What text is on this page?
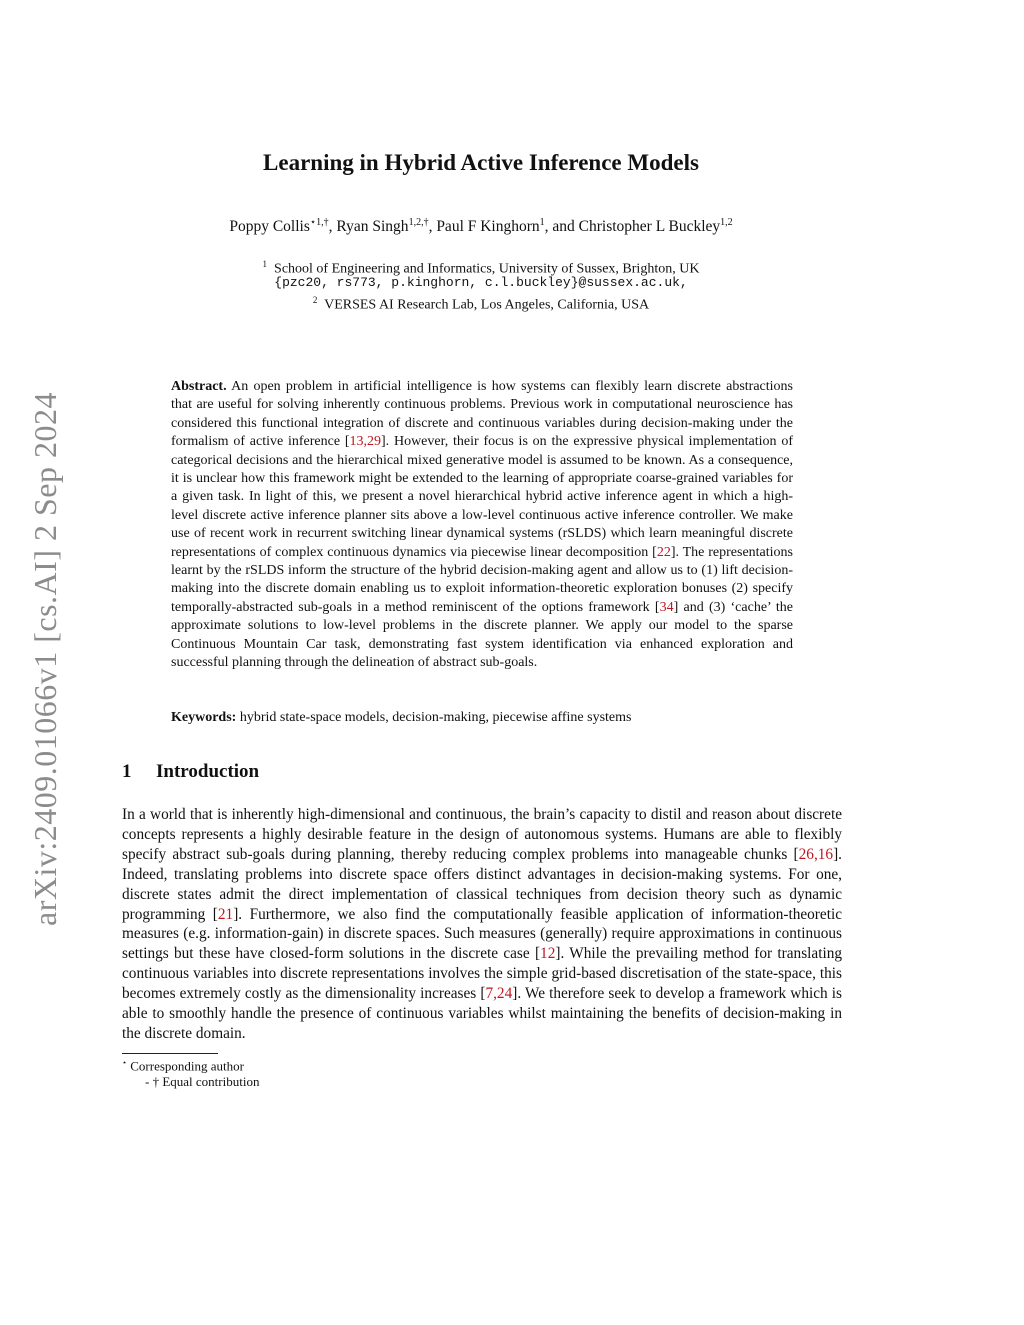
arXiv:2409.01066v1 [cs.AI] 2 Sep 2024
Learning in Hybrid Active Inference Models
Poppy Collis$^{⋆1,\dagger}$, Ryan Singh$^{1,2,\dagger}$, Paul F Kinghorn$^1$, and Christopher L Buckley$^{1,2}$
$^1$ School of Engineering and Informatics, University of Sussex, Brighton, UK
{pzc20, rs773, p.kinghorn, c.l.buckley}@sussex.ac.uk,
$^2$ VERSES AI Research Lab, Los Angeles, California, USA
Abstract. An open problem in artificial intelligence is how systems can flexibly learn discrete abstractions that are useful for solving inherently continuous problems. Previous work in computational neuroscience has considered this functional integration of discrete and continuous variables during decision-making under the formalism of active inference [13,29]. However, their focus is on the expressive physical implementation of categorical decisions and the hierarchical mixed generative model is assumed to be known. As a consequence, it is unclear how this framework might be extended to the learning of appropriate coarse-grained variables for a given task. In light of this, we present a novel hierarchical hybrid active inference agent in which a high-level discrete active inference planner sits above a low-level continuous active inference controller. We make use of recent work in recurrent switching linear dynamical systems (rSLDS) which learn meaningful discrete representations of complex continuous dynamics via piecewise linear decomposition [22]. The representations learnt by the rSLDS inform the structure of the hybrid decision-making agent and allow us to (1) lift decision-making into the discrete domain enabling us to exploit information-theoretic exploration bonuses (2) specify temporally-abstracted sub-goals in a method reminiscent of the options framework [34] and (3) ‘cache’ the approximate solutions to low-level problems in the discrete planner. We apply our model to the sparse Continuous Mountain Car task, demonstrating fast system identification via enhanced exploration and successful planning through the delineation of abstract sub-goals.
Keywords: hybrid state-space models, decision-making, piecewise affine systems
1 Introduction
In a world that is inherently high-dimensional and continuous, the brain’s capacity to distil and reason about discrete concepts represents a highly desirable feature in the design of autonomous systems. Humans are able to flexibly specify abstract sub-goals during planning, thereby reducing complex problems into manageable chunks [26,16]. Indeed, translating problems into discrete space offers distinct advantages in decision-making systems. For one, discrete states admit the direct implementation of classical techniques from decision theory such as dynamic programming [21]. Furthermore, we also find the computationally feasible application of information-theoretic measures (e.g. information-gain) in discrete spaces. Such measures (generally) require approximations in continuous settings but these have closed-form solutions in the discrete case [12]. While the prevailing method for translating continuous variables into discrete representations involves the simple grid-based discretisation of the state-space, this becomes extremely costly as the dimensionality increases [7,24]. We therefore seek to develop a framework which is able to smoothly handle the presence of continuous variables whilst maintaining the benefits of decision-making in the discrete domain.
⋆ Corresponding author
- † Equal contribution
